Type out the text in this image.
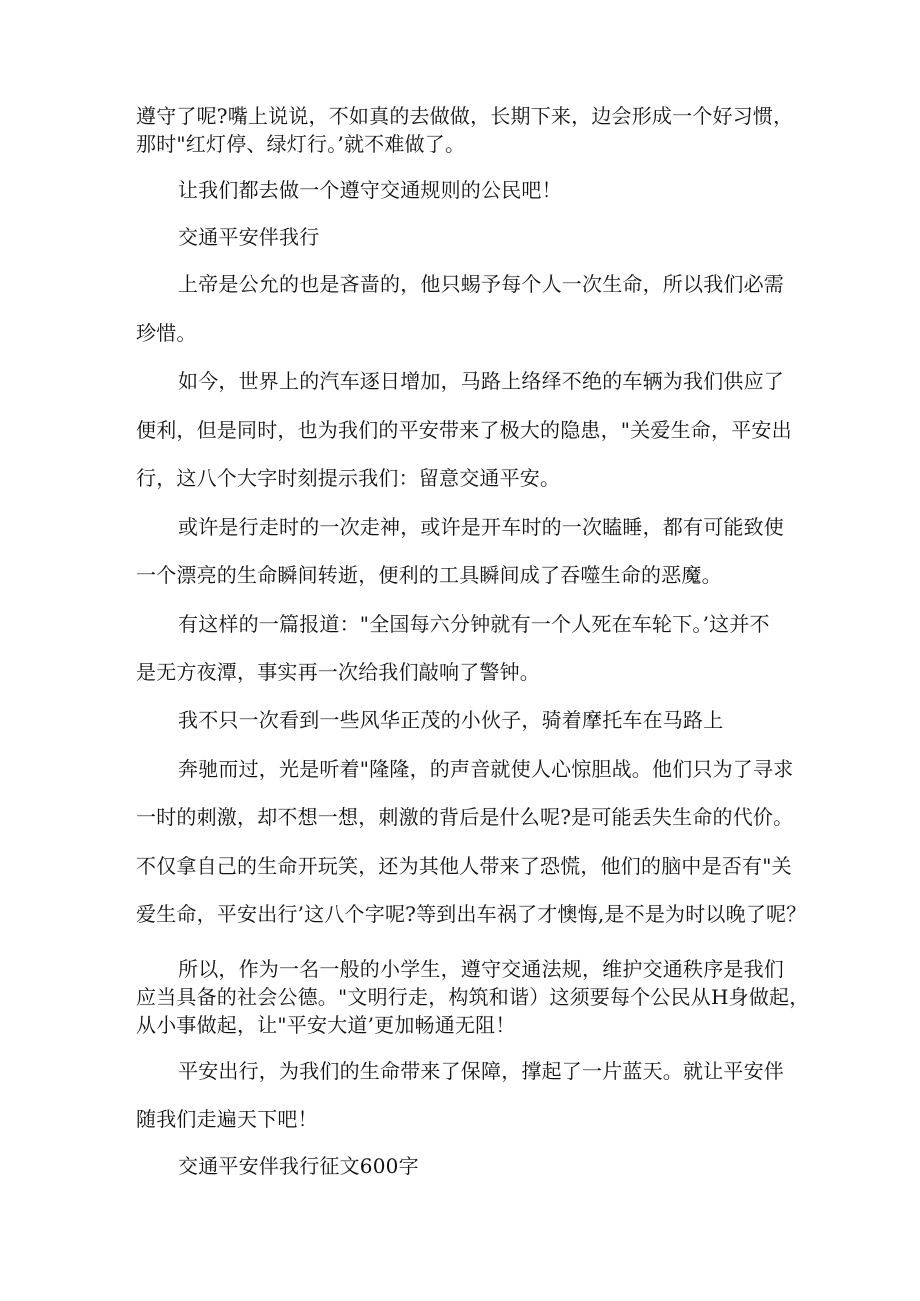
遵守了呢?嘴上说说，不如真的去做做，长期下来，边会形成一个好习惯，
那时"红灯停、绿灯行。’就不难做了。
让我们都去做一个遵守交通规则的公民吧！
交通平安伴我行
上帝是公允的也是吝啬的，他只蜴予每个人一次生命，所以我们必需
珍惜。
如今，世界上的汽车逐日增加，马路上络绎不绝的车辆为我们供应了
便利，但是同时，也为我们的平安带来了极大的隐患，"关爱生命，平安出
行，这八个大字时刻提示我们：留意交通平安。
或许是行走时的一次走神，或许是开车时的一次瞌睡，都有可能致使
一个漂亮的生命瞬间转逝，便利的工具瞬间成了吞噬生命的恶魔。
有这样的一篇报道："全国每六分钟就有一个人死在车轮下。’这并不
是无方夜潭，事实再一次给我们敲响了警钟。
我不只一次看到一些风华正茂的小伙子，骑着摩托车在马路上
奔驰而过，光是听着"隆隆，的声音就使人心惊胆战。他们只为了寻求
一时的刺激，却不想一想，刺激的背后是什么呢?是可能丢失生命的代价。
不仅拿自己的生命开玩笑，还为其他人带来了恐慌，他们的脑中是否有"关
爱生命，平安出行’这八个字呢?等到出车祸了才懊悔,是不是为时以晚了呢？
所以，作为一名一般的小学生，遵守交通法规，维护交通秩序是我们
应当具备的社会公德。"文明行走，构筑和谐）这须要每个公民从H身做起，
从小事做起，让"平安大道’更加畅通无阻！
平安出行，为我们的生命带来了保障，撑起了一片蓝天。就让平安伴
随我们走遍天下吧！
交通平安伴我行征文600字
